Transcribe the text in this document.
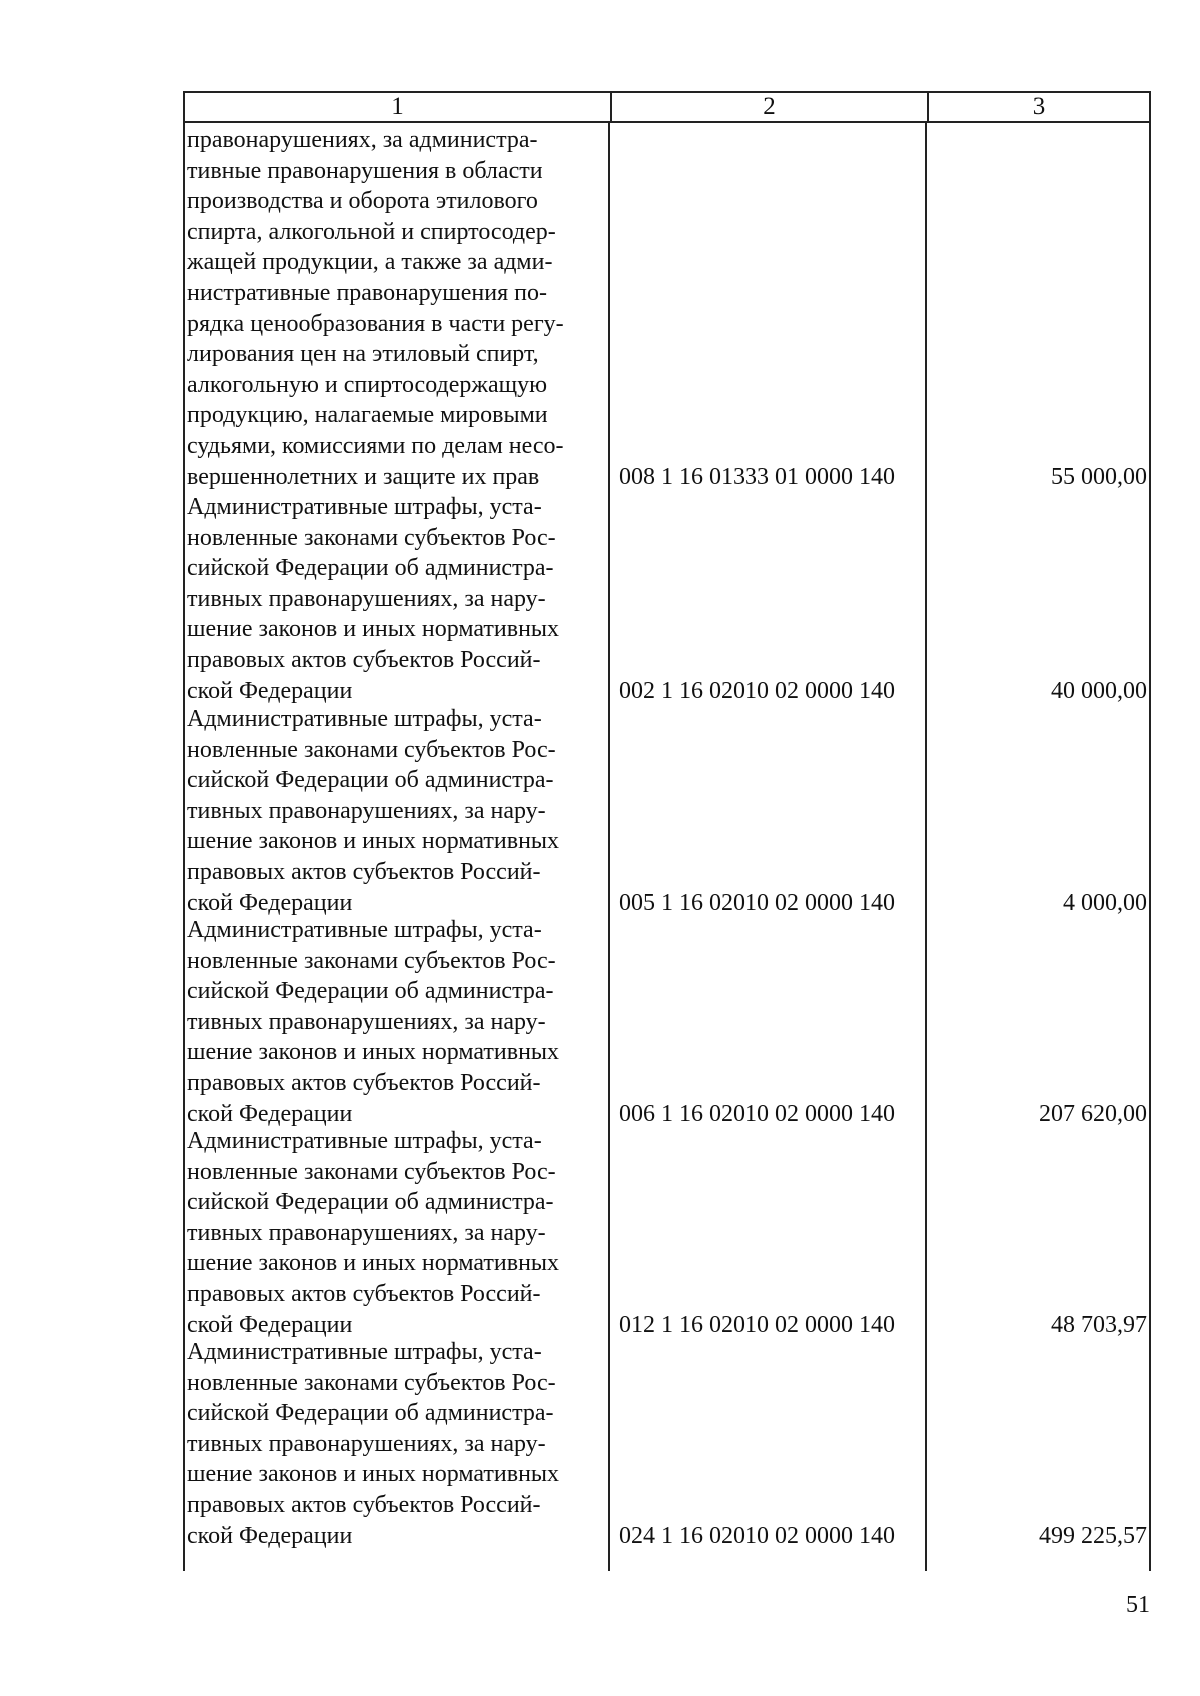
1	2	3
правонарушениях, за администра-
тивные правонарушения в области
производства и оборота этилового
спирта, алкогольной и спиртосодер-
жащей продукции, а также за адми-
нистративные правонарушения по-
рядка ценообразования в части регу-
лирования цен на этиловый спирт,
алкогольную и спиртосодержащую
продукцию, налагаемые мировыми
судьями, комиссиями по делам несо-
вершеннолетних и защите их прав	008 1 16 01333 01 0000 140	55 000,00
Административные штрафы, уста-
новленные законами субъектов Рос-
сийской Федерации об администра-
тивных правонарушениях, за нару-
шение законов и иных нормативных
правовых актов субъектов Россий-
ской Федерации	002 1 16 02010 02 0000 140	40 000,00
Административные штрафы, уста-
новленные законами субъектов Рос-
сийской Федерации об администра-
тивных правонарушениях, за нару-
шение законов и иных нормативных
правовых актов субъектов Россий-
ской Федерации	005 1 16 02010 02 0000 140	4 000,00
Административные штрафы, уста-
новленные законами субъектов Рос-
сийской Федерации об администра-
тивных правонарушениях, за нару-
шение законов и иных нормативных
правовых актов субъектов Россий-
ской Федерации	006 1 16 02010 02 0000 140	207 620,00
Административные штрафы, уста-
новленные законами субъектов Рос-
сийской Федерации об администра-
тивных правонарушениях, за нару-
шение законов и иных нормативных
правовых актов субъектов Россий-
ской Федерации	012 1 16 02010 02 0000 140	48 703,97
Административные штрафы, уста-
новленные законами субъектов Рос-
сийской Федерации об администра-
тивных правонарушениях, за нару-
шение законов и иных нормативных
правовых актов субъектов Россий-
ской Федерации	024 1 16 02010 02 0000 140	499 225,57
51
